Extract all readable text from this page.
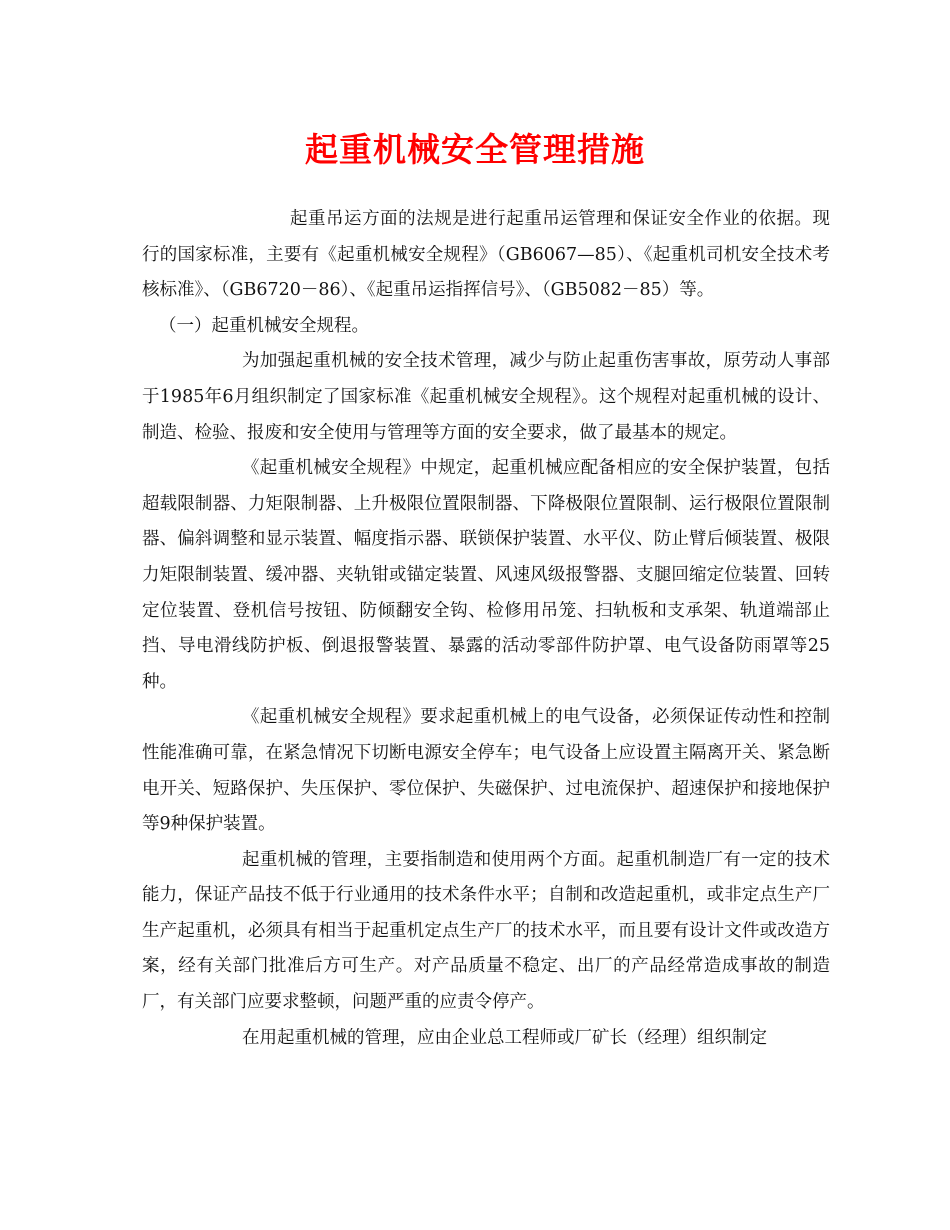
起重机械安全管理措施

起重吊运方面的法规是进行起重吊运管理和保证安全作业的依据。现行的国家标准，主要有《起重机械安全规程》（GB6067—85）、《起重机司机安全技术考核标准》、（GB6720－86）、《起重吊运指挥信号》、（GB5082－85）等。

（一）起重机械安全规程。

为加强起重机械的安全技术管理，减少与防止起重伤害事故，原劳动人事部于1985年6月组织制定了国家标准《起重机械安全规程》。这个规程对起重机械的设计、制造、检验、报废和安全使用与管理等方面的安全要求，做了最基本的规定。

《起重机械安全规程》中规定，起重机械应配备相应的安全保护装置，包括超载限制器、力矩限制器、上升极限位置限制器、下降极限位置限制、运行极限位置限制器、偏斜调整和显示装置、幅度指示器、联锁保护装置、水平仪、防止臂后倾装置、极限力矩限制装置、缓冲器、夹轨钳或锚定装置、风速风级报警器、支腿回缩定位装置、回转定位装置、登机信号按钮、防倾翻安全钩、检修用吊笼、扫轨板和支承架、轨道端部止挡、导电滑线防护板、倒退报警装置、暴露的活动零部件防护罩、电气设备防雨罩等25种。

《起重机械安全规程》要求起重机械上的电气设备，必须保证传动性和控制性能准确可靠，在紧急情况下切断电源安全停车；电气设备上应设置主隔离开关、紧急断电开关、短路保护、失压保护、零位保护、失磁保护、过电流保护、超速保护和接地保护等9种保护装置。

起重机械的管理，主要指制造和使用两个方面。起重机制造厂有一定的技术能力，保证产品技不低于行业通用的技术条件水平；自制和改造起重机，或非定点生产厂生产起重机，必须具有相当于起重机定点生产厂的技术水平，而且要有设计文件或改造方案，经有关部门批准后方可生产。对产品质量不稳定、出厂的产品经常造成事故的制造厂，有关部门应要求整顿，问题严重的应责令停产。

在用起重机械的管理，应由企业总工程师或厂矿长（经理）组织制定
